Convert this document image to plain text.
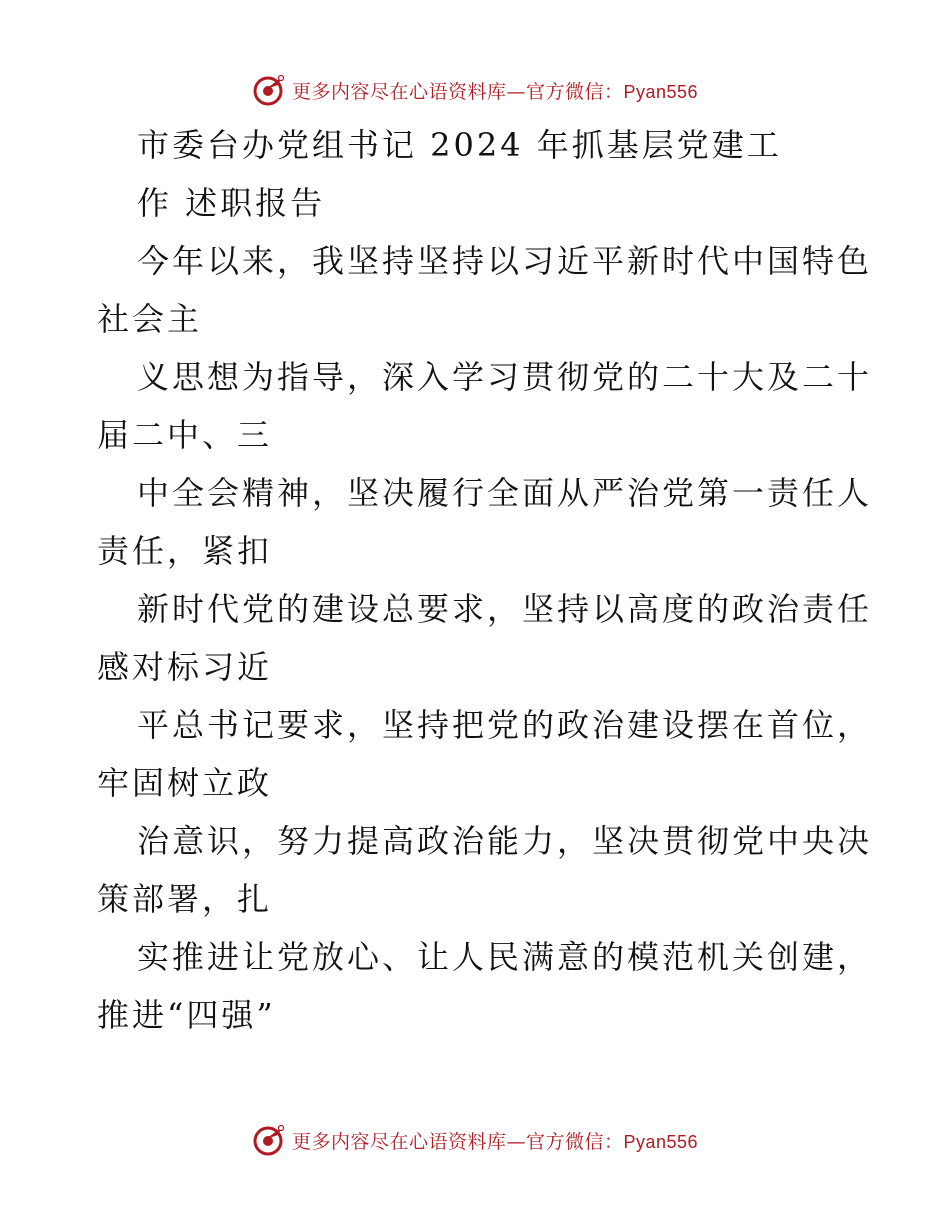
更多内容尽在心语资料库—官方微信：Pyan556
市委台办党组书记 2024 年抓基层党建工
作 述职报告
今年以来，我坚持坚持以习近平新时代中国特色
社会主
义思想为指导，深入学习贯彻党的二十大及二十
届二中、三
中全会精神，坚决履行全面从严治党第一责任人
责任，紧扣
新时代党的建设总要求，坚持以高度的政治责任
感对标习近
平总书记要求，坚持把党的政治建设摆在首位，
牢固树立政
治意识，努力提高政治能力，坚决贯彻党中央决
策部署，扎
实推进让党放心、让人民满意的模范机关创建，
推进“四强”
更多内容尽在心语资料库—官方微信：Pyan556
